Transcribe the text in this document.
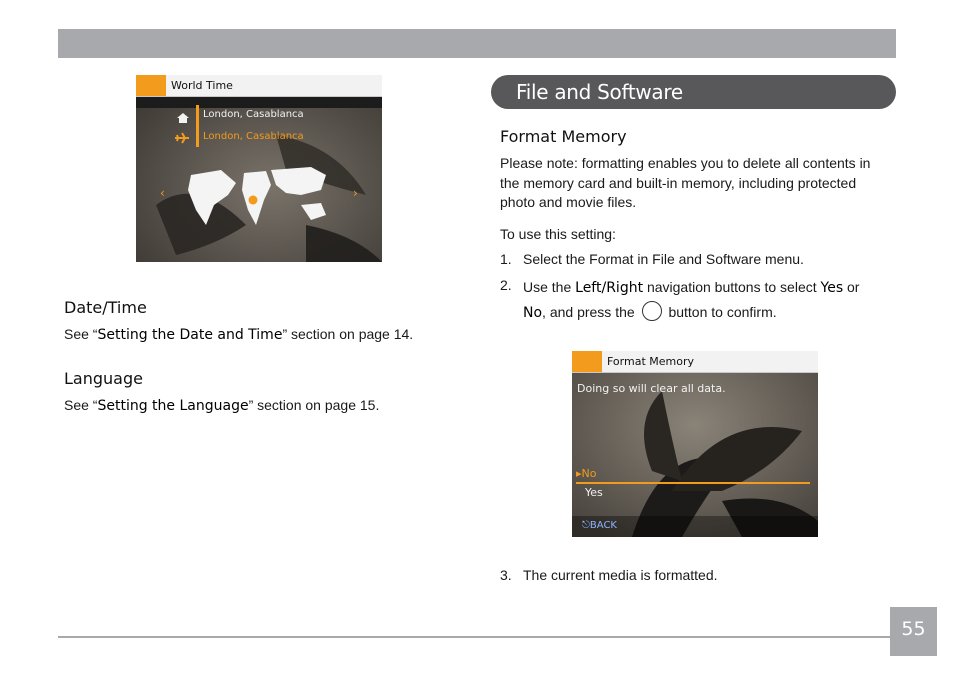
‹	›
World Time
London, Casablanca
London, Casablanca
Date/Time
See “Setting the Date and Time” section on page 14.
Language
See “Setting the Language” section on page 15.
File and Software
Format Memory
Please note: formatting enables you to delete all contents in the memory card and built-in memory, including protected photo and movie files.
To use this setting:
1. Select the Format in File and Software menu.
2. Use the Left/Right navigation buttons to select Yes or
No, and press the  button to confirm.
Format Memory
Doing so will clear all data.
▸No
Yes
⎋BACK
3. The current media is formatted.
55
